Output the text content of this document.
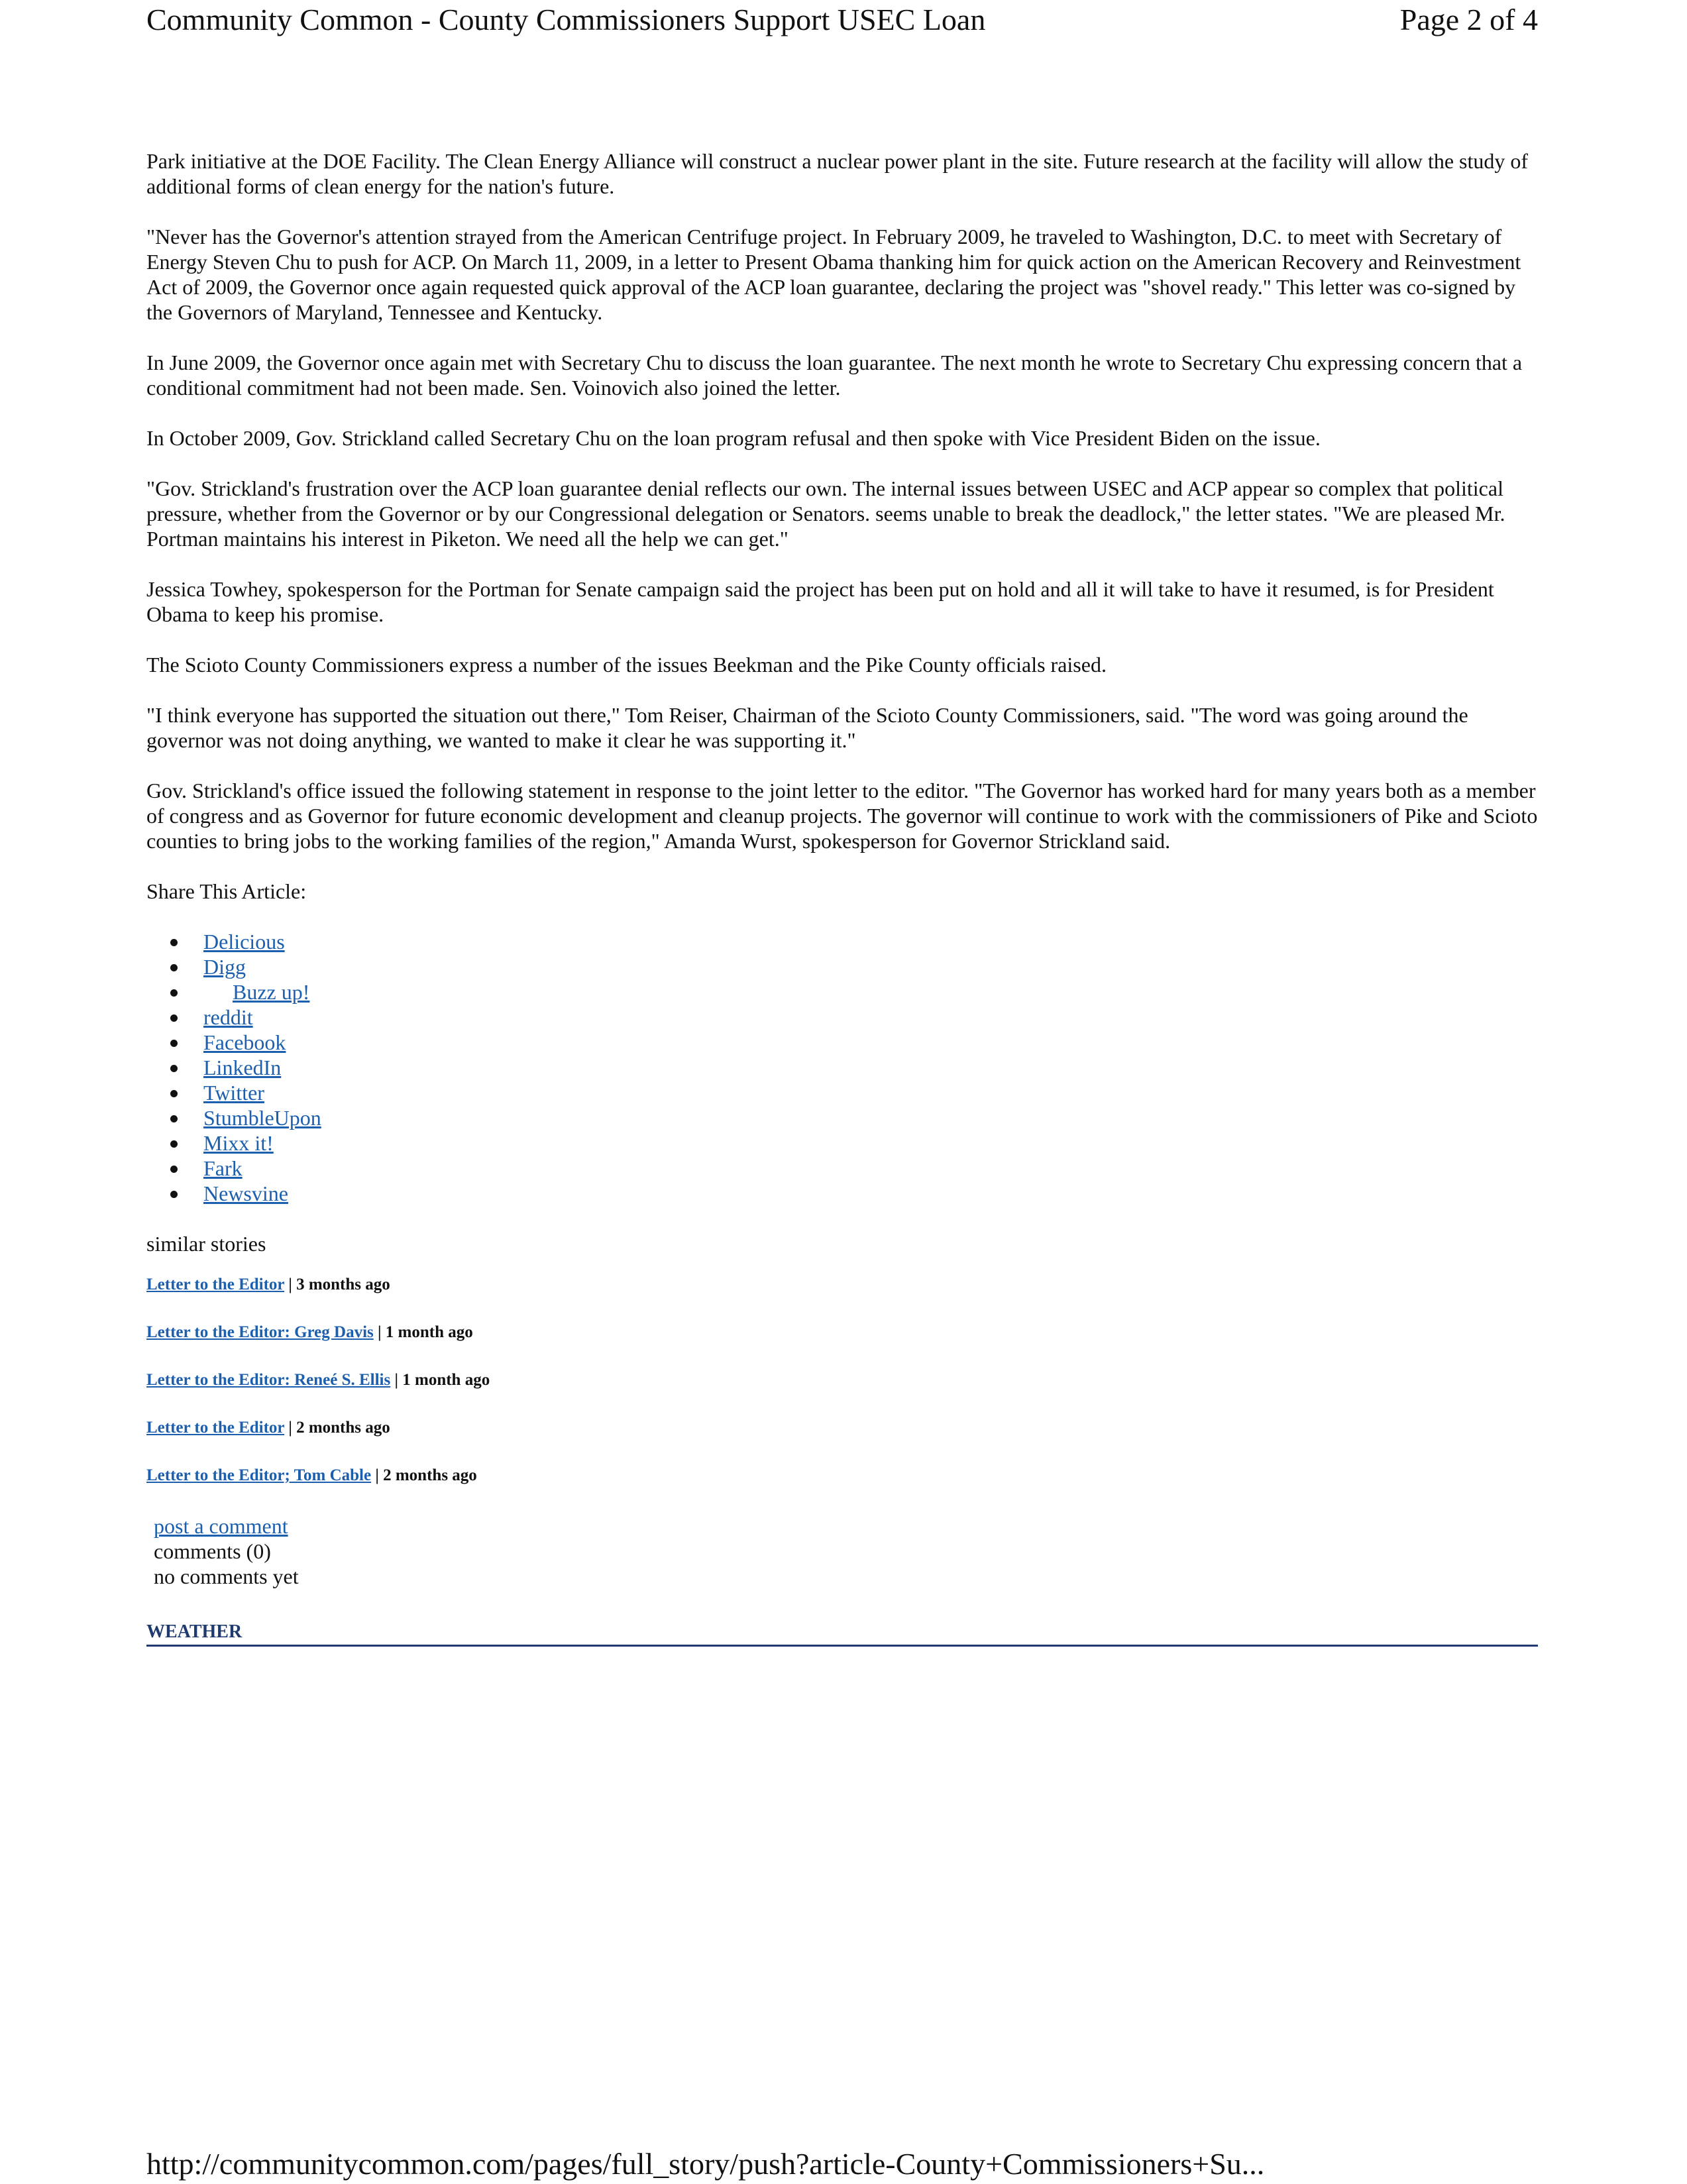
Community Common - County Commissioners Support USEC Loan	Page 2 of 4

Park initiative at the DOE Facility. The Clean Energy Alliance will construct a nuclear power plant in the site. Future research at the facility will allow the study of additional forms of clean energy for the nation's future.

"Never has the Governor's attention strayed from the American Centrifuge project. In February 2009, he traveled to Washington, D.C. to meet with Secretary of Energy Steven Chu to push for ACP. On March 11, 2009, in a letter to Present Obama thanking him for quick action on the American Recovery and Reinvestment Act of 2009, the Governor once again requested quick approval of the ACP loan guarantee, declaring the project was "shovel ready." This letter was co-signed by the Governors of Maryland, Tennessee and Kentucky.

In June 2009, the Governor once again met with Secretary Chu to discuss the loan guarantee. The next month he wrote to Secretary Chu expressing concern that a conditional commitment had not been made. Sen. Voinovich also joined the letter.

In October 2009, Gov. Strickland called Secretary Chu on the loan program refusal and then spoke with Vice President Biden on the issue.

"Gov. Strickland's frustration over the ACP loan guarantee denial reflects our own. The internal issues between USEC and ACP appear so complex that political pressure, whether from the Governor or by our Congressional delegation or Senators. seems unable to break the deadlock," the letter states. "We are pleased Mr. Portman maintains his interest in Piketon. We need all the help we can get."

Jessica Towhey, spokesperson for the Portman for Senate campaign said the project has been put on hold and all it will take to have it resumed, is for President Obama to keep his promise.

The Scioto County Commissioners express a number of the issues Beekman and the Pike County officials raised.

"I think everyone has supported the situation out there," Tom Reiser, Chairman of the Scioto County Commissioners, said. "The word was going around the governor was not doing anything, we wanted to make it clear he was supporting it."

Gov. Strickland's office issued the following statement in response to the joint letter to the editor. "The Governor has worked hard for many years both as a member of congress and as Governor for future economic development and cleanup projects. The governor will continue to work with the commissioners of Pike and Scioto counties to bring jobs to the working families of the region," Amanda Wurst, spokesperson for Governor Strickland said.

Share This Article:
Delicious
Digg
Buzz up!
reddit
Facebook
LinkedIn
Twitter
StumbleUpon
Mixx it!
Fark
Newsvine
similar stories
Letter to the Editor | 3 months ago
Letter to the Editor: Greg Davis | 1 month ago
Letter to the Editor: Reneé S. Ellis | 1 month ago
Letter to the Editor | 2 months ago
Letter to the Editor; Tom Cable | 2 months ago
post a comment
comments (0)
no comments yet
WEATHER
http://communitycommon.com/pages/full_story/push?article-County+Commissioners+Su...
